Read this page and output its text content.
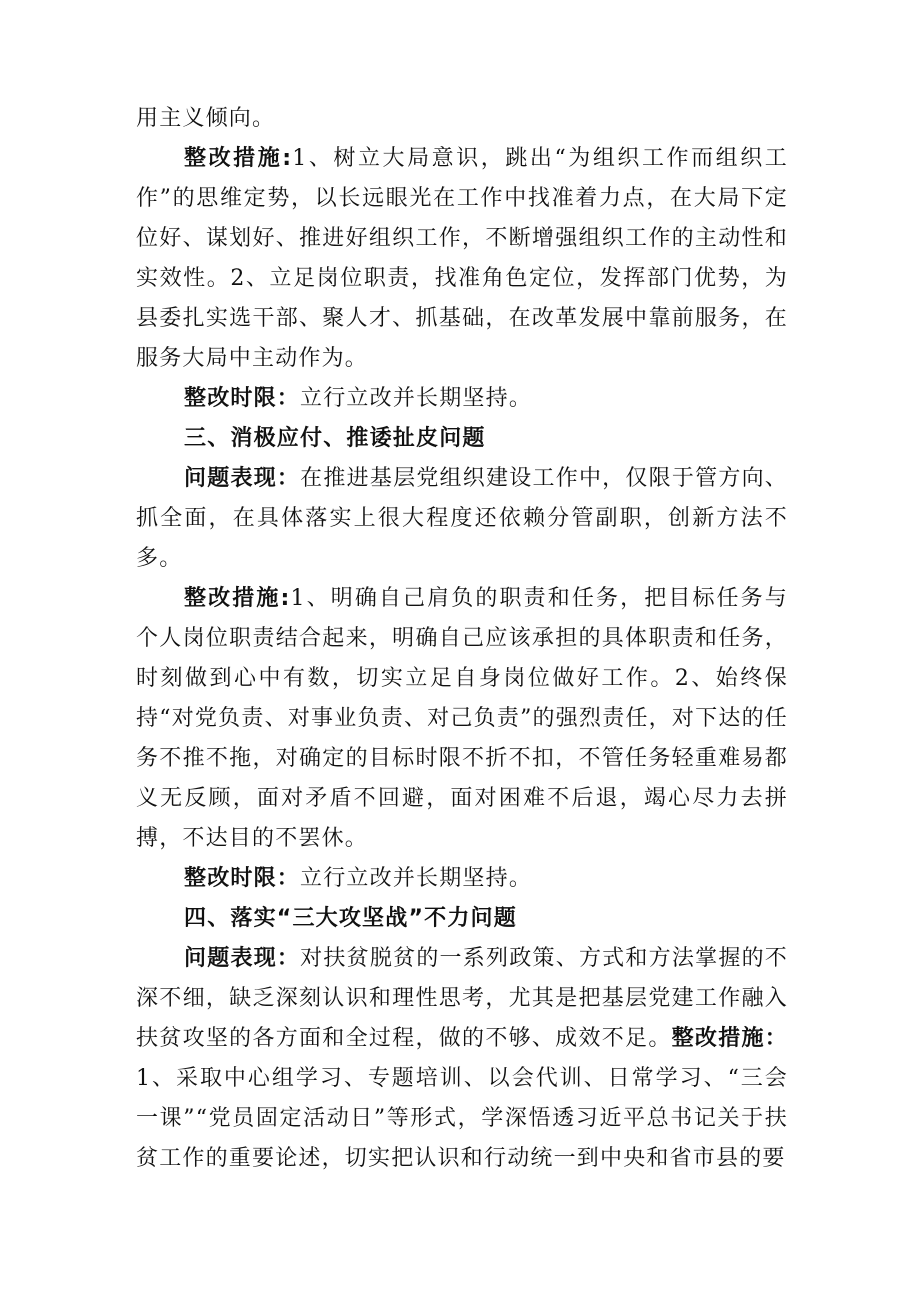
用主义倾向。

整改措施:1、树立大局意识，跳出“为组织工作而组织工作”的思维定势，以长远眼光在工作中找准着力点，在大局下定位好、谋划好、推进好组织工作，不断增强组织工作的主动性和实效性。2、立足岗位职责，找准角色定位，发挥部门优势，为县委扎实选干部、聚人才、抓基础，在改革发展中靠前服务，在服务大局中主动作为。

整改时限：立行立改并长期坚持。

三、消极应付、推诿扯皮问题

问题表现：在推进基层党组织建设工作中，仅限于管方向、抓全面，在具体落实上很大程度还依赖分管副职，创新方法不多。

整改措施:1、明确自己肩负的职责和任务，把目标任务与个人岗位职责结合起来，明确自己应该承担的具体职责和任务，时刻做到心中有数，切实立足自身岗位做好工作。2、始终保持“对党负责、对事业负责、对己负责”的强烈责任，对下达的任务不推不拖，对确定的目标时限不折不扣，不管任务轻重难易都义无反顾，面对矛盾不回避，面对困难不后退，竭心尽力去拼搏，不达目的不罢休。

整改时限：立行立改并长期坚持。

四、落实“三大攻坚战”不力问题

问题表现：对扶贫脱贫的一系列政策、方式和方法掌握的不深不细，缺乏深刻认识和理性思考，尤其是把基层党建工作融入扶贫攻坚的各方面和全过程，做的不够、成效不足。整改措施：1、采取中心组学习、专题培训、以会代训、日常学习、“三会一课”“党员固定活动日”等形式，学深悟透习近平总书记关于扶贫工作的重要论述，切实把认识和行动统一到中央和省市县的要
